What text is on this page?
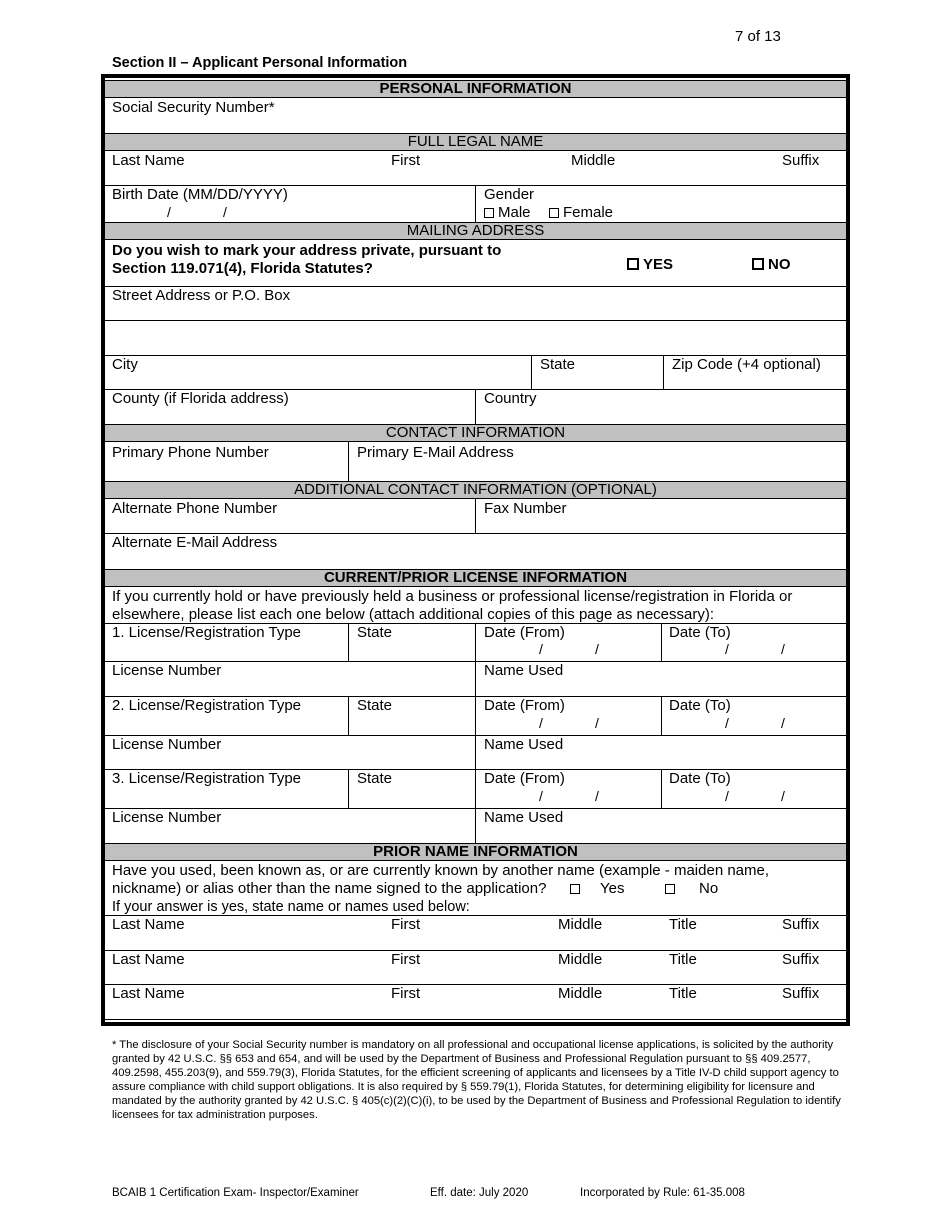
7 of 13
Section II – Applicant Personal Information
PERSONAL INFORMATION
Social Security Number*
FULL LEGAL NAME
Last Name	First	Middle	Suffix
Birth Date (MM/DD/YYYY)
/	/
Gender
Male	Female
MAILING ADDRESS
Do you wish to mark your address private, pursuant to
Section 119.071(4), Florida Statutes?	YES	NO
Street Address or P.O. Box
City	State	Zip Code (+4 optional)
County (if Florida address)	Country
CONTACT INFORMATION
Primary Phone Number	Primary E-Mail Address
ADDITIONAL CONTACT INFORMATION (OPTIONAL)
Alternate Phone Number	Fax Number
Alternate E-Mail Address
CURRENT/PRIOR LICENSE INFORMATION
If you currently hold or have previously held a business or professional license/registration in Florida or
elsewhere, please list each one below (attach additional copies of this page as necessary):
1. License/Registration Type	State	Date (From)	Date (To)
/	/	/	/
License Number	Name Used
2. License/Registration Type	State	Date (From)	Date (To)
/	/	/	/
License Number	Name Used
3. License/Registration Type	State	Date (From)	Date (To)
/	/	/	/
License Number	Name Used
PRIOR NAME INFORMATION
Have you used, been known as, or are currently known by another name (example - maiden name,
nickname) or alias other than the name signed to the application?	Yes	No
If your answer is yes, state name or names used below:
Last Name	First	Middle	Title	Suffix
Last Name	First	Middle	Title	Suffix
Last Name	First	Middle	Title	Suffix
* The disclosure of your Social Security number is mandatory on all professional and occupational license applications, is solicited by the authority granted by 42 U.S.C. §§ 653 and 654, and will be used by the Department of Business and Professional Regulation pursuant to §§ 409.2577, 409.2598, 455.203(9), and 559.79(3), Florida Statutes, for the efficient screening of applicants and licensees by a Title IV-D child support agency to assure compliance with child support obligations. It is also required by § 559.79(1), Florida Statutes, for determining eligibility for licensure and mandated by the authority granted by 42 U.S.C. § 405(c)(2)(C)(i), to be used by the Department of Business and Professional Regulation to identify licensees for tax administration purposes.
BCAIB 1 Certification Exam- Inspector/Examiner	Eff. date: July 2020	Incorporated by Rule: 61-35.008
